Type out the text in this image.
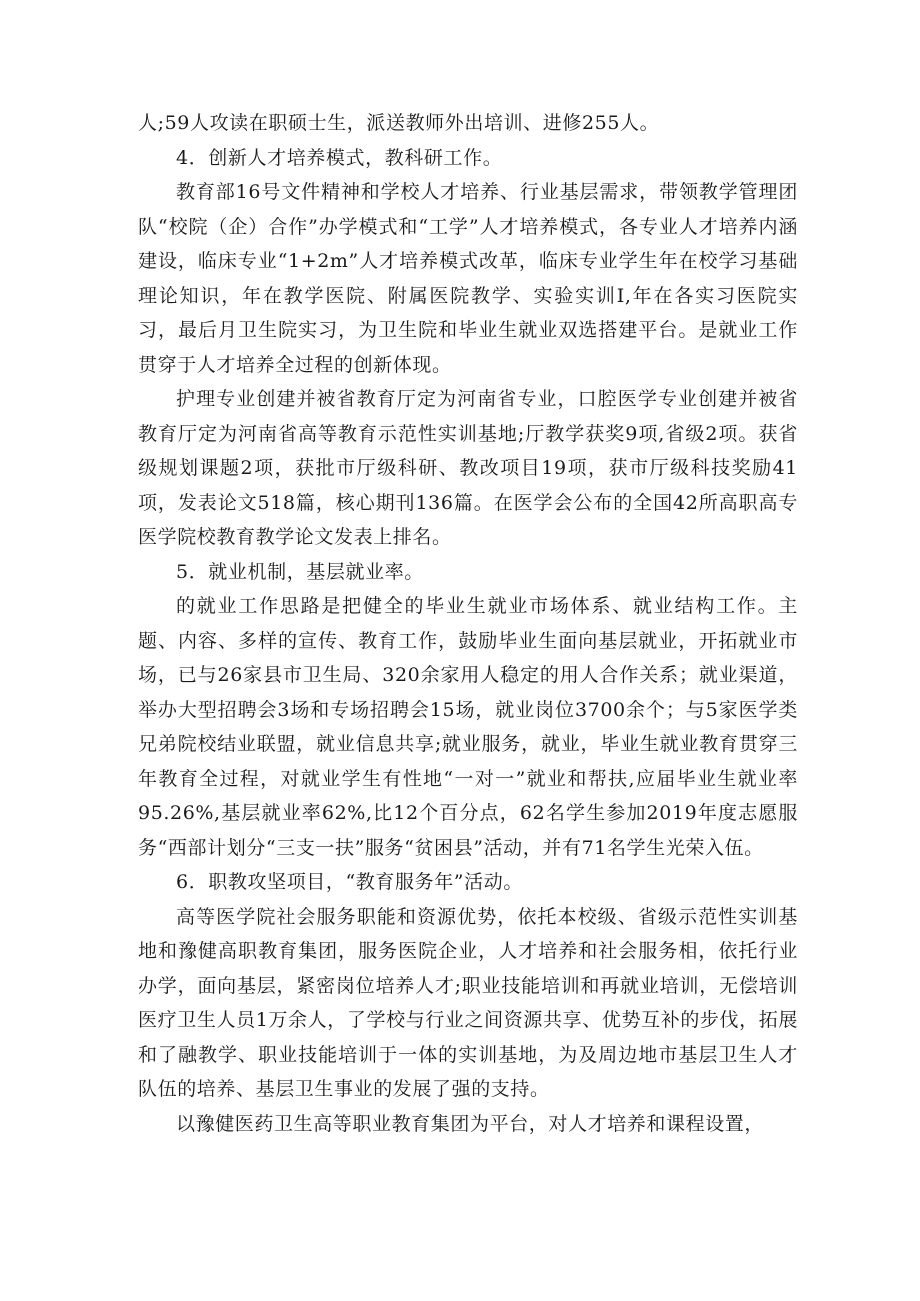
人;59人攻读在职硕士生，派送教师外出培训、进修255人。

4．创新人才培养模式，教科研工作。

教育部16号文件精神和学校人才培养、行业基层需求，带领教学管理团队“校院（企）合作”办学模式和“工学”人才培养模式，各专业人才培养内涵建设，临床专业“1+2m”人才培养模式改革，临床专业学生年在校学习基础理论知识，年在教学医院、附属医院教学、实验实训I,年在各实习医院实习，最后月卫生院实习，为卫生院和毕业生就业双选搭建平台。是就业工作贯穿于人才培养全过程的创新体现。

护理专业创建并被省教育厅定为河南省专业，口腔医学专业创建并被省教育厅定为河南省高等教育示范性实训基地;厅教学获奖9项,省级2项。获省级规划课题2项，获批市厅级科研、教改项目19项，获市厅级科技奖励41项，发表论文518篇，核心期刊136篇。在医学会公布的全国42所高职高专医学院校教育教学论文发表上排名。

5．就业机制，基层就业率。

的就业工作思路是把健全的毕业生就业市场体系、就业结构工作。主题、内容、多样的宣传、教育工作，鼓励毕业生面向基层就业，开拓就业市场，已与26家县市卫生局、320余家用人稳定的用人合作关系；就业渠道，举办大型招聘会3场和专场招聘会15场，就业岗位3700余个；与5家医学类兄弟院校结业联盟，就业信息共享;就业服务，就业，毕业生就业教育贯穿三年教育全过程，对就业学生有性地“一对一”就业和帮扶,应届毕业生就业率95.26%,基层就业率62%,比12个百分点，62名学生参加2019年度志愿服务“西部计划分“三支一扶”服务“贫困县”活动，并有71名学生光荣入伍。

6．职教攻坚项目，“教育服务年”活动。

高等医学院社会服务职能和资源优势，依托本校级、省级示范性实训基地和豫健高职教育集团，服务医院企业，人才培养和社会服务相，依托行业办学，面向基层，紧密岗位培养人才;职业技能培训和再就业培训，无偿培训医疗卫生人员1万余人，了学校与行业之间资源共享、优势互补的步伐，拓展和了融教学、职业技能培训于一体的实训基地，为及周边地市基层卫生人才队伍的培养、基层卫生事业的发展了强的支持。

以豫健医药卫生高等职业教育集团为平台，对人才培养和课程设置，
